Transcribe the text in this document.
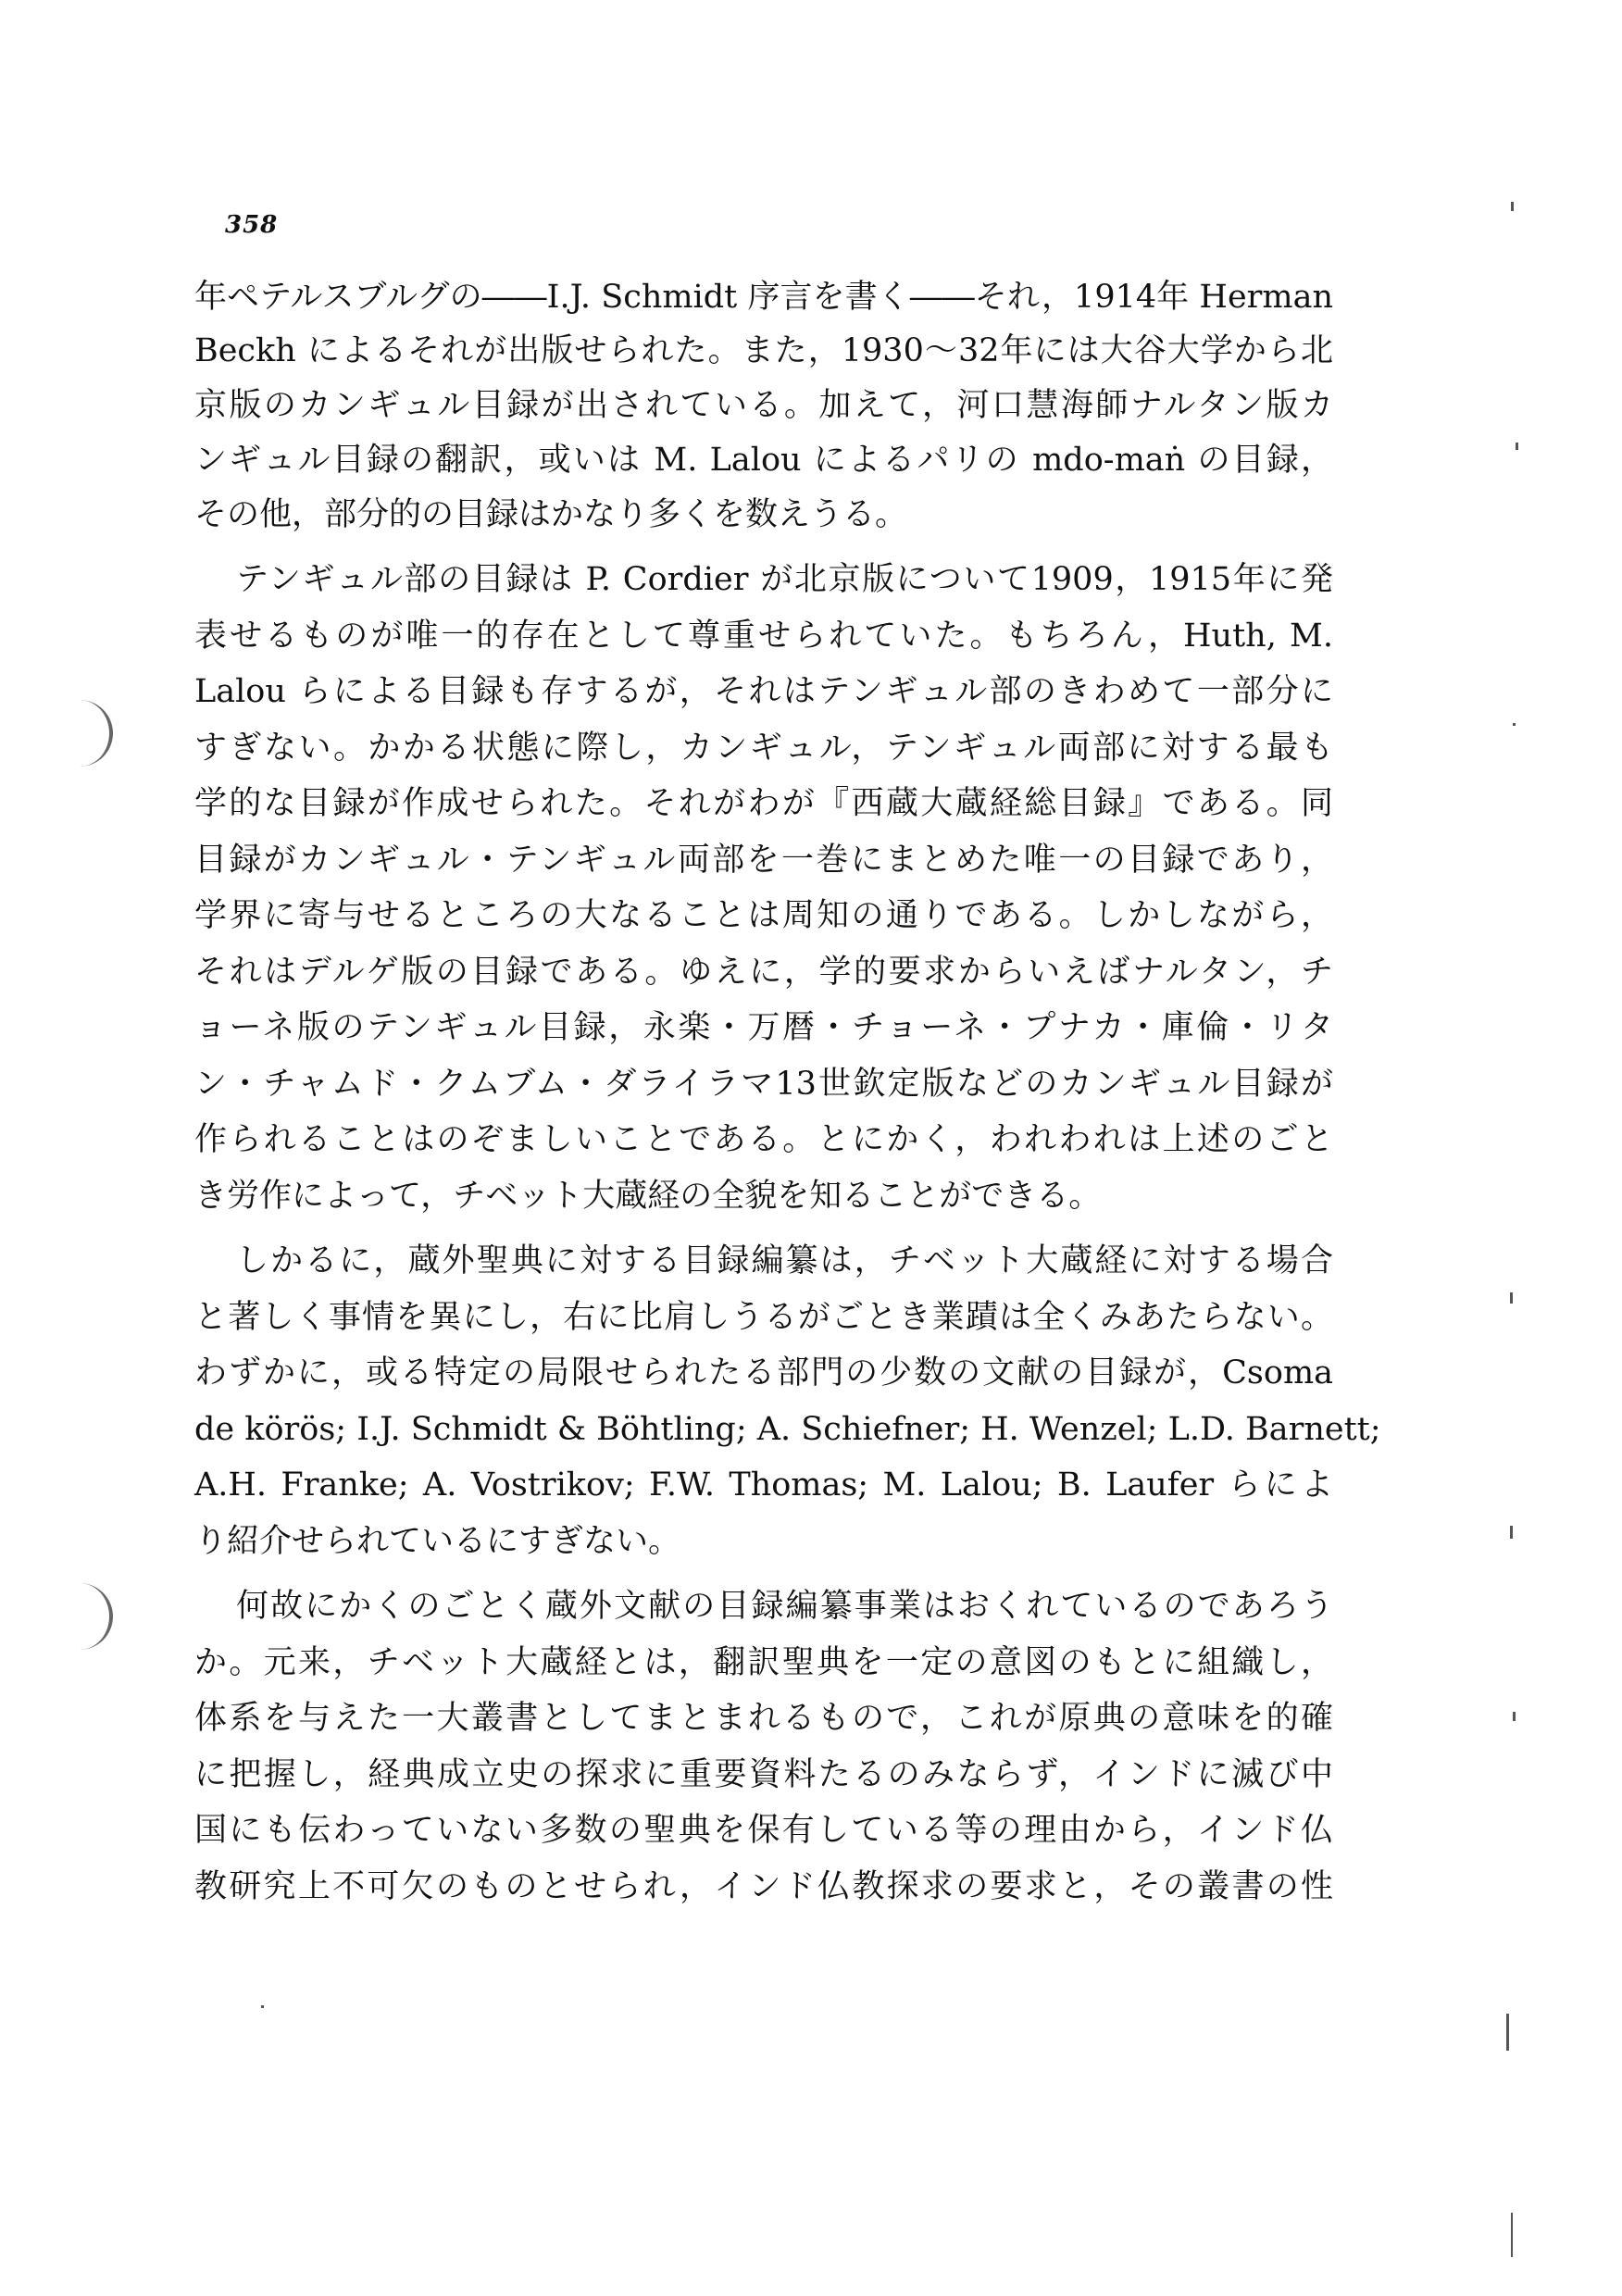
358
年ペテルスブルグの――I.J. Schmidt 序言を書く――それ，1914年 Herman
Beckh によるそれが出版せられた。また，1930～32年には大谷大学から北
京版のカンギュル目録が出されている。加えて，河口慧海師ナルタン版カ
ンギュル目録の翻訳，或いは M. Lalou によるパリの mdo-maṅ の目録，
その他，部分的の目録はかなり多くを数えうる。
テンギュル部の目録は P. Cordier が北京版について1909，1915年に発
表せるものが唯一的存在として尊重せられていた。もちろん，Huth, M.
Lalou らによる目録も存するが，それはテンギュル部のきわめて一部分に
すぎない。かかる状態に際し，カンギュル，テンギュル両部に対する最も
学的な目録が作成せられた。それがわが『西蔵大蔵経総目録』である。同
目録がカンギュル・テンギュル両部を一巻にまとめた唯一の目録であり，
学界に寄与せるところの大なることは周知の通りである。しかしながら，
それはデルゲ版の目録である。ゆえに，学的要求からいえばナルタン，チ
ョーネ版のテンギュル目録，永楽・万暦・チョーネ・プナカ・庫倫・リタ
ン・チャムド・クムブム・ダライラマ13世欽定版などのカンギュル目録が
作られることはのぞましいことである。とにかく，われわれは上述のごと
き労作によって，チベット大蔵経の全貌を知ることができる。
しかるに，蔵外聖典に対する目録編纂は，チベット大蔵経に対する場合
と著しく事情を異にし，右に比肩しうるがごとき業蹟は全くみあたらない。
わずかに，或る特定の局限せられたる部門の少数の文献の目録が，Csoma
de körös; I.J. Schmidt & Böhtling; A. Schiefner; H. Wenzel; L.D. Barnett;
A.H. Franke; A. Vostrikov; F.W. Thomas; M. Lalou; B. Laufer らによ
り紹介せられているにすぎない。
何故にかくのごとく蔵外文献の目録編纂事業はおくれているのであろう
か。元来，チベット大蔵経とは，翻訳聖典を一定の意図のもとに組織し，
体系を与えた一大叢書としてまとまれるもので，これが原典の意味を的確
に把握し，経典成立史の探求に重要資料たるのみならず，インドに滅び中
国にも伝わっていない多数の聖典を保有している等の理由から，インド仏
教研究上不可欠のものとせられ，インド仏教探求の要求と，その叢書の性
